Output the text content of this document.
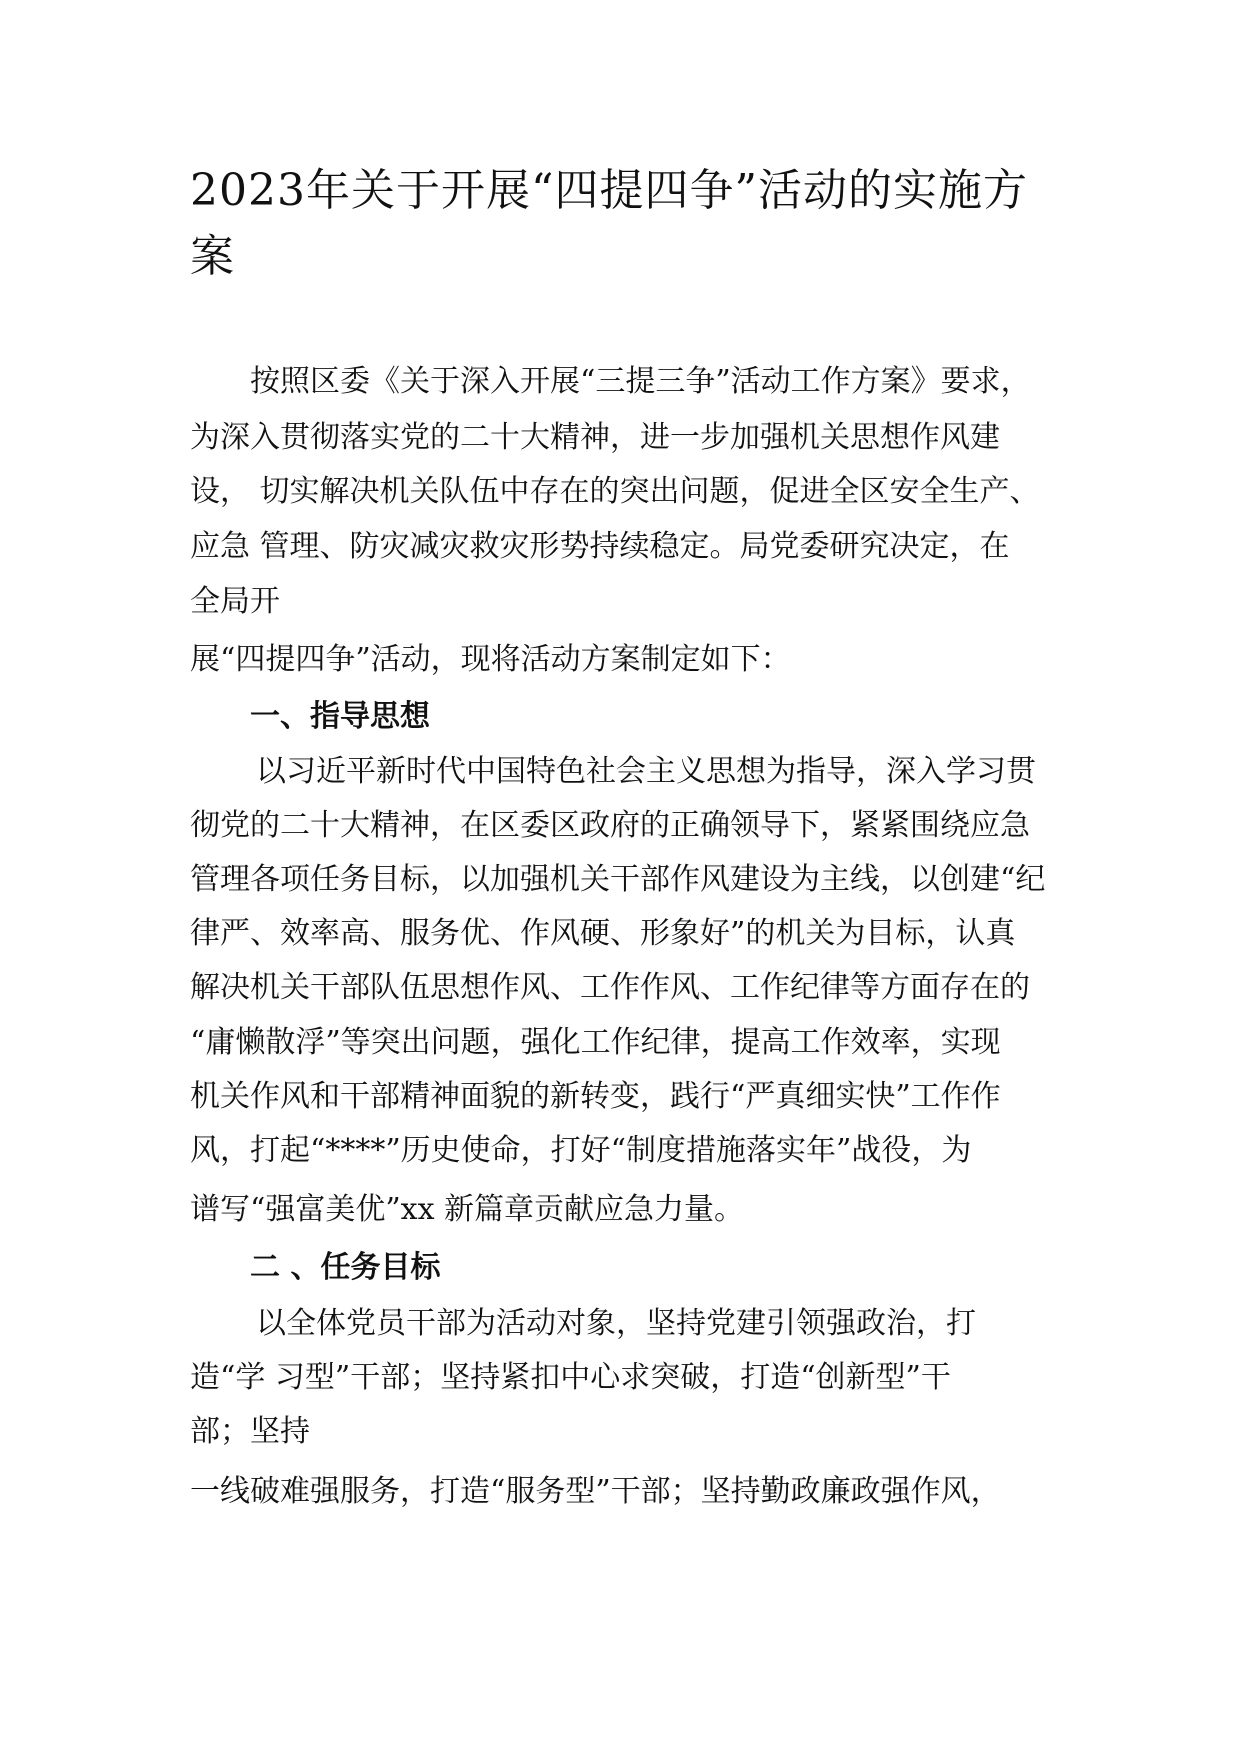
2023年关于开展“四提四争”活动的实施方
案

按照区委《关于深入开展“三提三争”活动工作方案》要求，

为深入贯彻落实党的二十大精神，进一步加强机关思想作风建

设， 切实解决机关队伍中存在的突出问题，促进全区安全生产、

应急 管理、防灾减灾救灾形势持续稳定。局党委研究决定，在

全局开

展“四提四争”活动，现将活动方案制定如下：

一、指导思想

以习近平新时代中国特色社会主义思想为指导，深入学习贯

彻党的二十大精神，在区委区政府的正确领导下，紧紧围绕应急

管理各项任务目标，以加强机关干部作风建设为主线，以创建“纪

律严、效率高、服务优、作风硬、形象好”的机关为目标，认真

解决机关干部队伍思想作风、工作作风、工作纪律等方面存在的

“庸懒散浮”等突出问题，强化工作纪律，提高工作效率，实现

机关作风和干部精神面貌的新转变，践行“严真细实快”工作作

风，打起“****”历史使命，打好“制度措施落实年”战役，为

谱写“强富美优”xx 新篇章贡献应急力量。

二 、任务目标

以全体党员干部为活动对象，坚持党建引领强政治，打

造“学 习型”干部；坚持紧扣中心求突破，打造“创新型”干

部；坚持

一线破难强服务，打造“服务型”干部；坚持勤政廉政强作风，
